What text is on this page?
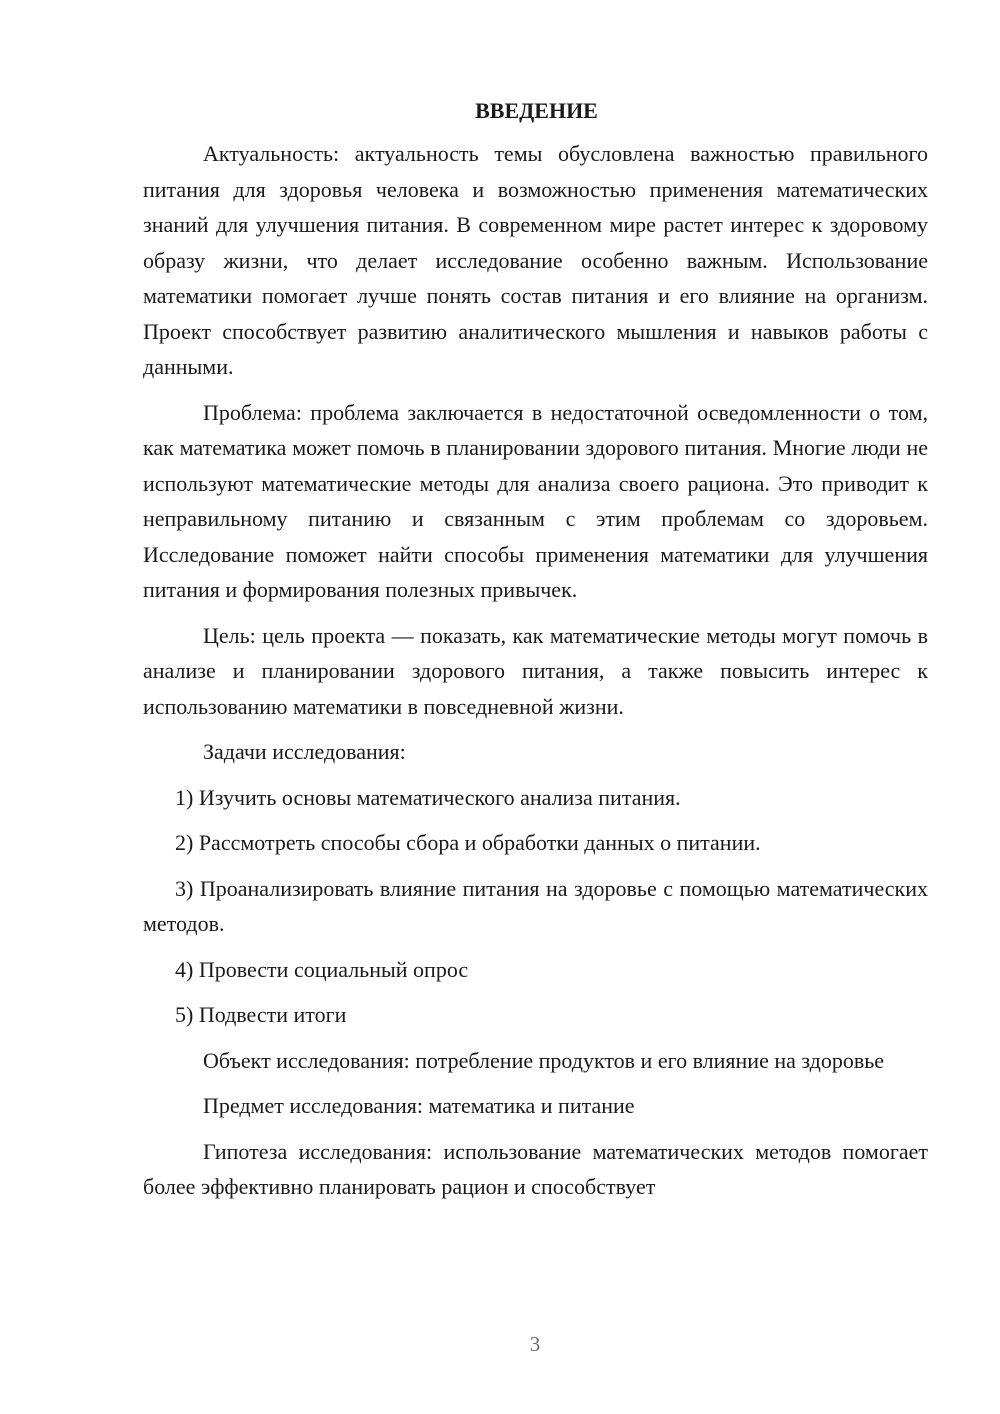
ВВЕДЕНИЕ

Актуальность: актуальность темы обусловлена важностью правильного питания для здоровья человека и возможностью применения математических знаний для улучшения питания. В современном мире растет интерес к здоровому образу жизни, что делает исследование особенно важным. Использование математики помогает лучше понять состав питания и его влияние на организм. Проект способствует развитию аналитического мышления и навыков работы с данными.

Проблема: проблема заключается в недостаточной осведомленности о том, как математика может помочь в планировании здорового питания. Многие люди не используют математические методы для анализа своего рациона. Это приводит к неправильному питанию и связанным с этим проблемам со здоровьем. Исследование поможет найти способы применения математики для улучшения питания и формирования полезных привычек.

Цель: цель проекта — показать, как математические методы могут помочь в анализе и планировании здорового питания, а также повысить интерес к использованию математики в повседневной жизни.

Задачи исследования:

1) Изучить основы математического анализа питания.

2) Рассмотреть способы сбора и обработки данных о питании.

3) Проанализировать влияние питания на здоровье с помощью математических методов.

4) Провести социальный опрос

5) Подвести итоги

Объект исследования: потребление продуктов и его влияние на здоровье

Предмет исследования: математика и питание

Гипотеза исследования: использование математических методов помогает более эффективно планировать рацион и способствует

3
